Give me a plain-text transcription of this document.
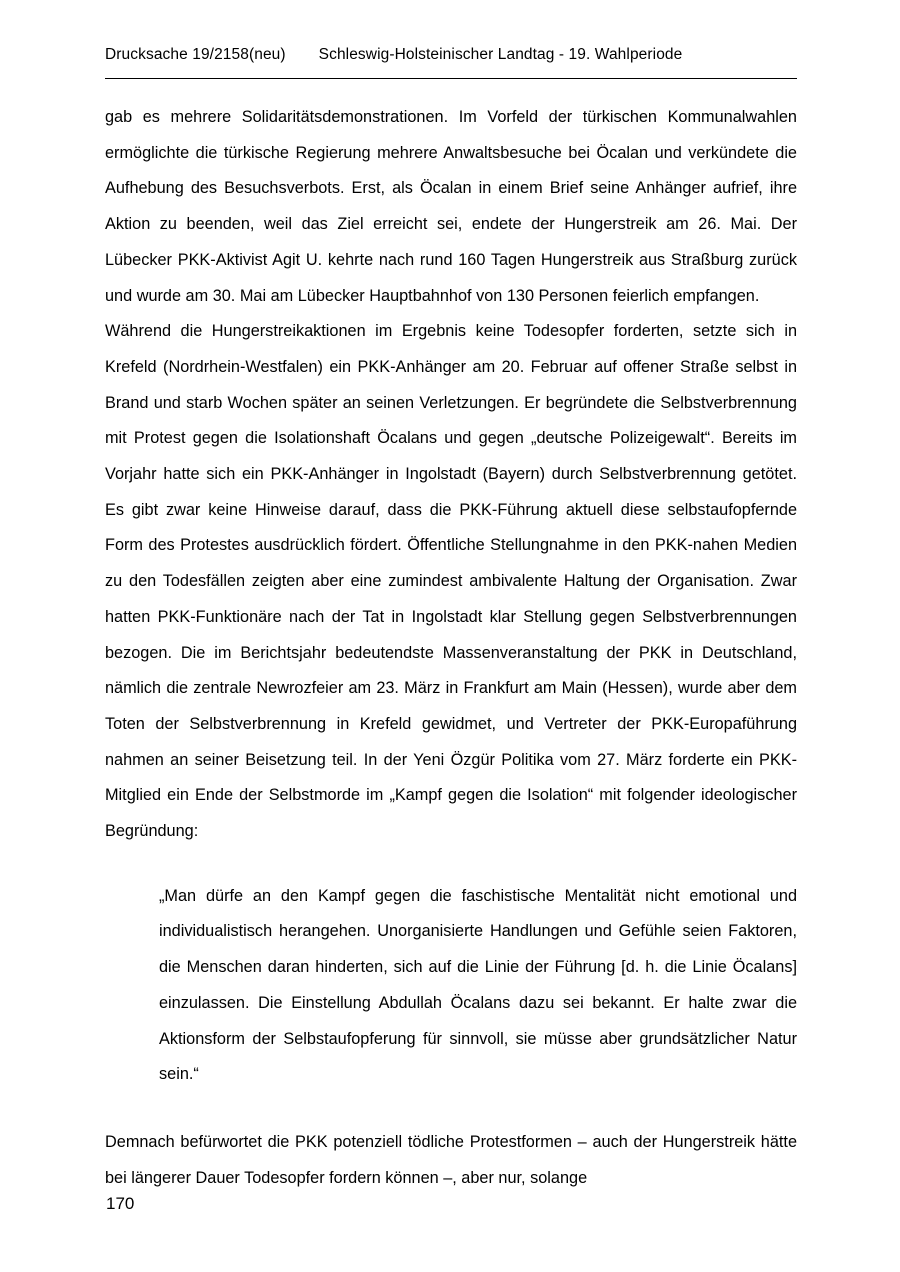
Drucksache 19/2158(neu) Schleswig-Holsteinischer Landtag - 19. Wahlperiode

gab es mehrere Solidaritätsdemonstrationen. Im Vorfeld der türkischen Kommunalwahlen ermöglichte die türkische Regierung mehrere Anwaltsbesuche bei Öcalan und verkündete die Aufhebung des Besuchsverbots. Erst, als Öcalan in einem Brief seine Anhänger aufrief, ihre Aktion zu beenden, weil das Ziel erreicht sei, endete der Hungerstreik am 26. Mai. Der Lübecker PKK-Aktivist Agit U. kehrte nach rund 160 Tagen Hungerstreik aus Straßburg zurück und wurde am 30. Mai am Lübecker Hauptbahnhof von 130 Personen feierlich empfangen.

Während die Hungerstreikaktionen im Ergebnis keine Todesopfer forderten, setzte sich in Krefeld (Nordrhein-Westfalen) ein PKK-Anhänger am 20. Februar auf offener Straße selbst in Brand und starb Wochen später an seinen Verletzungen. Er begründete die Selbstverbrennung mit Protest gegen die Isolationshaft Öcalans und gegen „deutsche Polizeigewalt“. Bereits im Vorjahr hatte sich ein PKK-Anhänger in Ingolstadt (Bayern) durch Selbstverbrennung getötet. Es gibt zwar keine Hinweise darauf, dass die PKK-Führung aktuell diese selbstaufopfernde Form des Protestes ausdrücklich fördert. Öffentliche Stellungnahme in den PKK-nahen Medien zu den Todesfällen zeigten aber eine zumindest ambivalente Haltung der Organisation. Zwar hatten PKK-Funktionäre nach der Tat in Ingolstadt klar Stellung gegen Selbstverbrennungen bezogen. Die im Berichtsjahr bedeutendste Massenveranstaltung der PKK in Deutschland, nämlich die zentrale Newrozfeier am 23. März in Frankfurt am Main (Hessen), wurde aber dem Toten der Selbstverbrennung in Krefeld gewidmet, und Vertreter der PKK-Europaführung nahmen an seiner Beisetzung teil. In der Yeni Özgür Politika vom 27. März forderte ein PKK-Mitglied ein Ende der Selbstmorde im „Kampf gegen die Isolation“ mit folgender ideologischer Begründung:

„Man dürfe an den Kampf gegen die faschistische Mentalität nicht emotional und individualistisch herangehen. Unorganisierte Handlungen und Gefühle seien Faktoren, die Menschen daran hinderten, sich auf die Linie der Führung [d. h. die Linie Öcalans] einzulassen. Die Einstellung Abdullah Öcalans dazu sei bekannt. Er halte zwar die Aktionsform der Selbstaufopferung für sinnvoll, sie müsse aber grundsätzlicher Natur sein.“

Demnach befürwortet die PKK potenziell tödliche Protestformen – auch der Hungerstreik hätte bei längerer Dauer Todesopfer fordern können –, aber nur, solange

170
